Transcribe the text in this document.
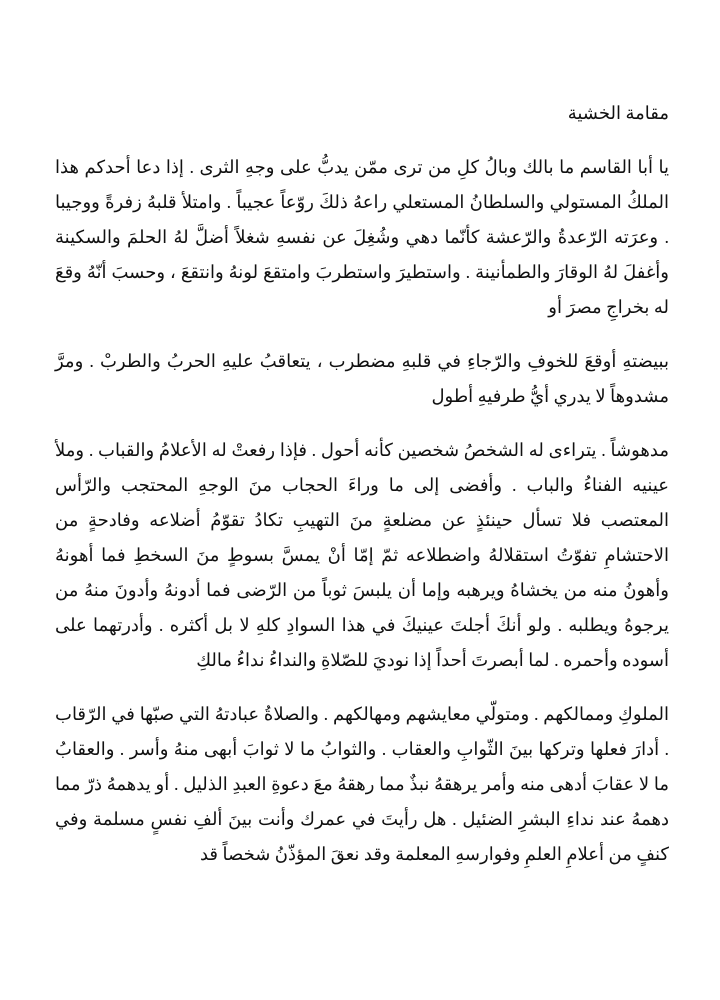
مقامة الخشية

يا أبا القاسم ما بالك وبالُ كلِ من ترى ممّن يدبُّ على وجهِ الثرى . إذا دعا أحدكم هذا الملكُ المستولي والسلطانُ المستعلي راعهُ ذلكَ روّعاً عجيباً . وامتلأ قلبهُ زفرةً ووجيبا . وعرَته الرّعدةُ والرّعشة كأنّما دهي وشُغِلَ عن نفسهِ شغلاً أضلَّ لهُ الحلمَ والسكينة وأغفلَ لهُ الوقارَ والطمأنينة . واستطيرَ واستطربَ وامتقعَ لونهُ وانتقعَ ، وحسبَ أنّهُ وقعَ له بخراجِ مصرَ أو

ببيضتهِ أوقعَ للخوفِ والرّجاءِ في قلبهِ مضطرب ، يتعاقبُ عليهِ الحربُ والطربْ . ومرَّ مشدوهاً لا يدري أيُّ طرفيهِ أطول

مدهوشاً . يتراءى له الشخصُ شخصين كأنه أحول . فإذا رفعتْ له الأعلامُ والقباب . وملأ عينيه الفناءُ والباب . وأفضى إلى ما وراءَ الحجاب منَ الوجهِ المحتجب والرّأس المعتصب فلا تسأل حينئذٍ عن مضلعةٍ منَ التهيبِ تكادُ تقوّمُ أضلاعه وفادحةٍ من الاحتشامِ تفوّتُ استقلالهُ واضطلاعه ثمّ إمّا أنْ يمسَّ بسوطٍ منَ السخطِ فما أهونهُ وأهونُ منه من يخشاهُ ويرهبه وإما أن يلبسَ ثوباً من الرّضى فما أدونهُ وأدونَ منهُ من يرجوهُ ويطلبه . ولو أنكَ أجلتَ عينيكَ في هذا السوادِ كلهِ لا بل أكثره . وأدرتهما على أسوده وأحمره . لما أبصرتَ أحداً إذا نوديَ للصّلاةِ والنداءُ نداءُ مالكِ

الملوكِ وممالكهم . ومتولّي معايشهم ومهالكهم . والصلاةُ عبادتهُ التي صبّها في الرّقاب . أدارَ فعلها وتركها بينَ الثّوابِ والعقاب . والثوابُ ما لا ثوابَ أبهى منهُ وأسر . والعقابُ ما لا عقابَ أدهى منه وأمر يرهقهُ نبذٌ مما رهقهُ معَ دعوةِ العبدِ الذليل . أو يدهمهُ ذرّ مما دهمهُ عند نداءِ البشرِ الضئيل . هل رأيتَ في عمرك وأنت بينَ ألفِ نفسٍ مسلمة وفي كنفٍ من أعلامِ العلمِ وفوارسهِ المعلمة وقد نعقَ المؤذّنُ شخصاً قد
